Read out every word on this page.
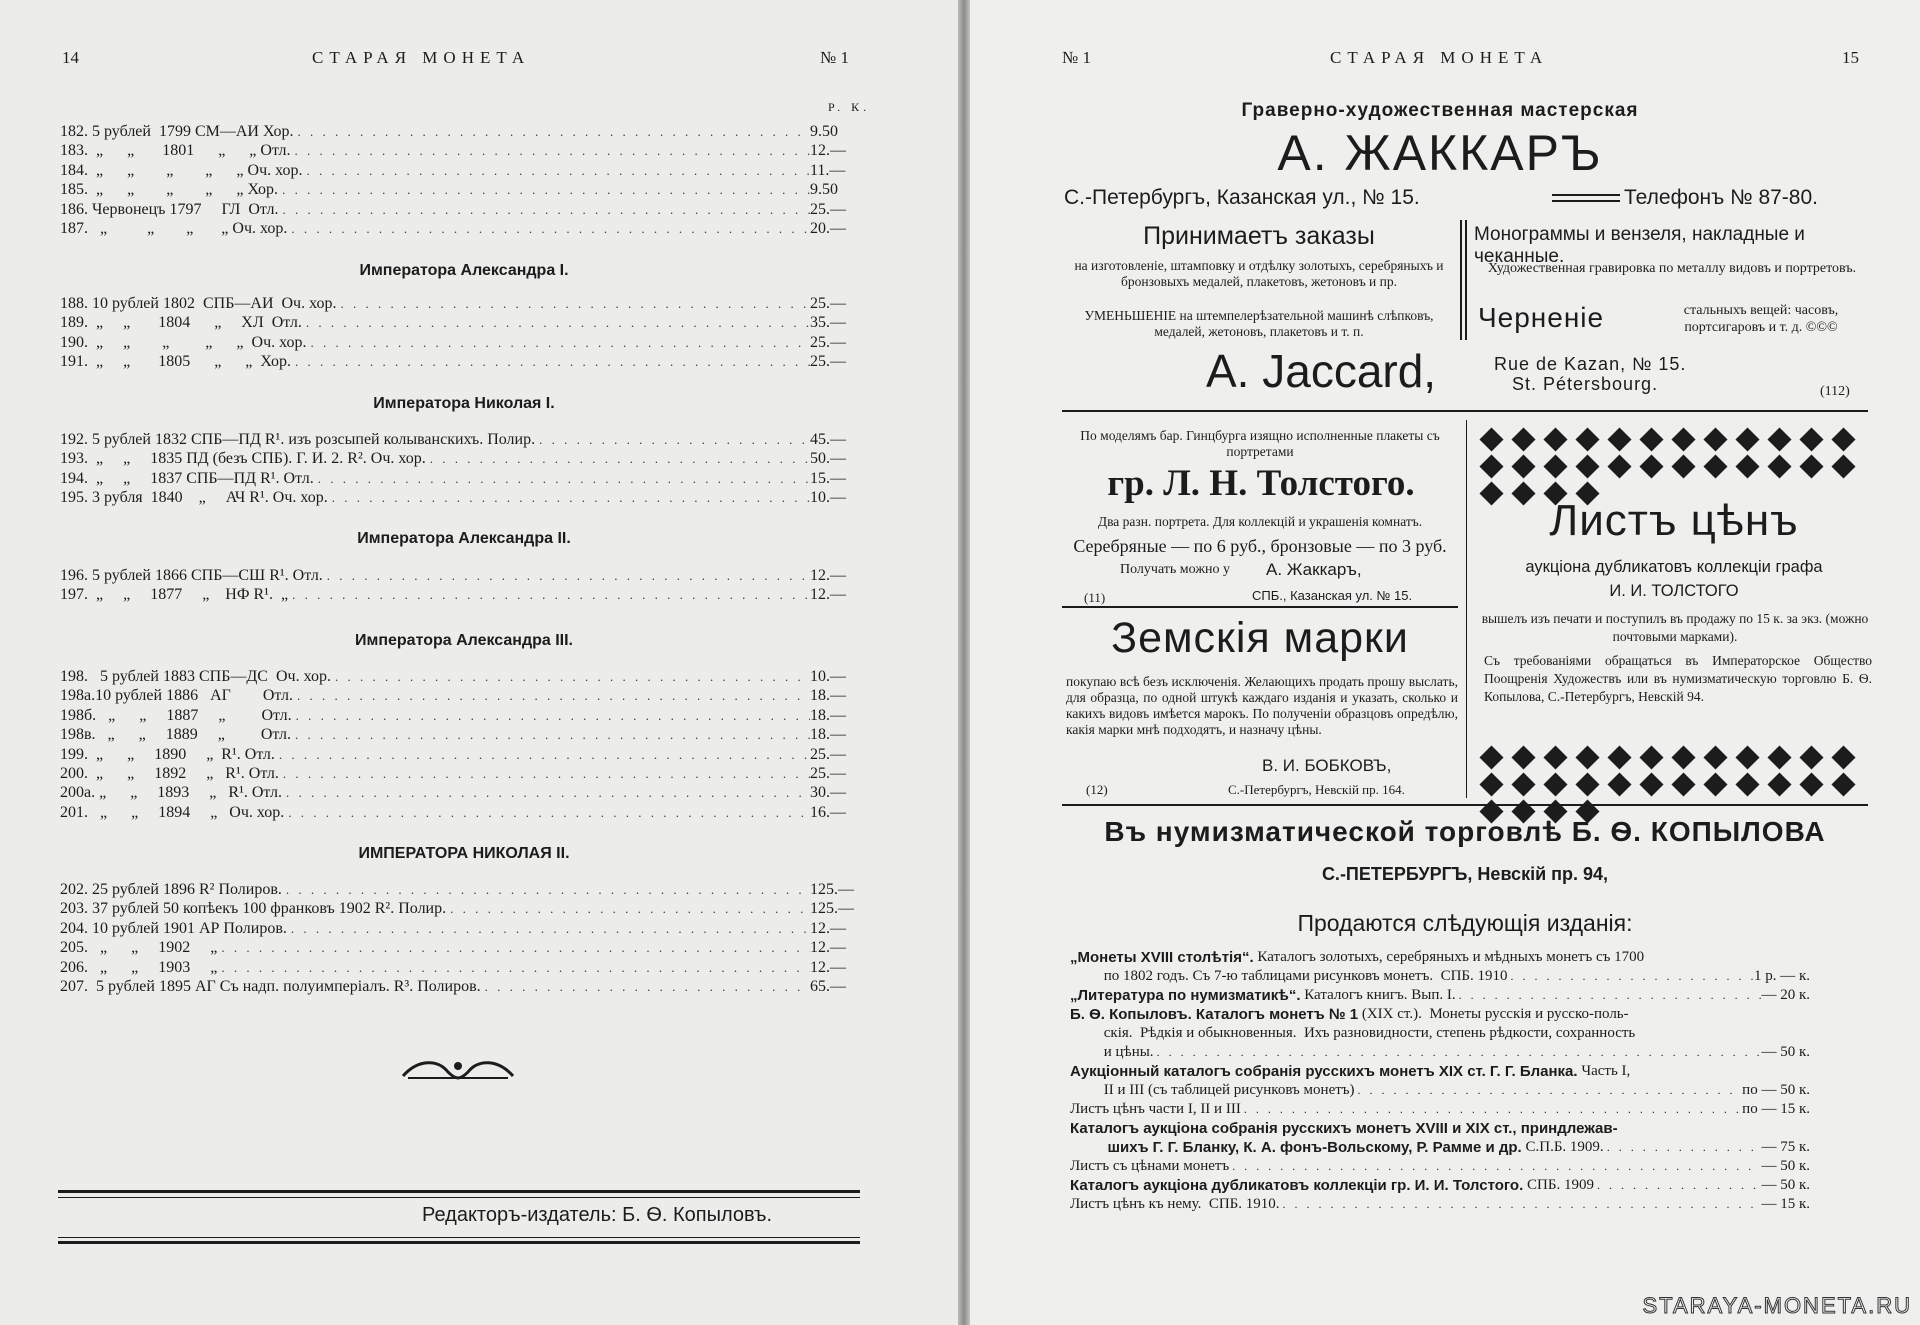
14	СТАРАЯ МОНЕТА	№ 1
Р. К.
182. 5 рублей  1799 СМ—АИ Хор. . . .	9.50
183.  „      „       1801      „      „ Отл. . . .	12.—
184.  „      „        „        „      „ Оч. хор. . . .	11.—
185.  „      „        „        „      „ Хор. . . .	9.50
186. Червонецъ 1797     ГЛ  Отл. . . .	25.—
187.   „          „        „       „ Оч. хор. . . .	20.—
Императора Александра I.
188. 10 рублей 1802  СПБ—АИ  Оч. хор. . . .	25.—
189.  „     „       1804      „     ХЛ  Отл. . . .	35.—
190.  „     „        „         „      „  Оч. хор. . . .	25.—
191.  „     „       1805      „      „  Хор. . . .	25.—
Императора Николая I.
192. 5 рублей 1832 СПБ—ПД R¹. изъ розсыпей колыванскихъ. Полир. . . .	45.—
193.  „     „     1835 ПД (безъ СПБ). Г. И. 2. R². Оч. хор. . . .	50.—
194.  „     „     1837 СПБ—ПД R¹. Отл. . . .	15.—
195. 3 рубля  1840    „     АЧ R¹. Оч. хор. . . .	10.—
Императора Александра II.
196. 5 рублей 1866 СПБ—СШ R¹. Отл. . . .	12.—
197.  „     „     1877     „    НФ R¹.  „ . . .	12.—
Императора Александра III.
198.   5 рублей 1883 СПБ—ДС  Оч. хор. . . .	10.—
198а.10 рублей 1886   АГ        Отл. . . .	18.—
198б.   „      „     1887     „         Отл. . . .	18.—
198в.   „      „     1889     „         Отл. . . .	18.—
199.  „      „     1890     „  R¹. Отл. . . .	25.—
200.  „      „     1892     „   R¹. Отл. . . .	25.—
200а. „      „     1893     „   R¹. Отл. . . .	30.—
201.   „      „     1894     „   Оч. хор. . . .	16.—
ИМПЕРАТОРА НИКОЛАЯ II.
202. 25 рублей 1896 R² Полиров. . . .	125.—
203. 37 рублей 50 копѣекъ 100 франковъ 1902 R². Полир. . . .	125.—
204. 10 рублей 1901 АР Полиров. . . .	12.—
205.   „      „     1902     „ . . .	12.—
206.   „      „     1903     „ . . .	12.—
207.  5 рублей 1895 АГ Съ надп. полуимперіалъ. R³. Полиров. . . .	65.—
Редакторъ-издатель: Б. Ѳ. Копыловъ.
№ 1	СТАРАЯ МОНЕТА	15
Граверно-художественная мастерская
А. ЖАККАРЪ
С.-Петербургъ, Казанская ул., № 15.	Телефонъ № 87-80.
Принимаетъ заказы
на изготовленіе, штамповку и отдѣлку золотыхъ, серебряныхъ и бронзовыхъ медалей, плакетовъ, жетоновъ и пр.
УМЕНЬШЕНІЕ на штемпелерѣзательной машинѣ слѣпковъ, медалей, жетоновъ, плакетовъ и т. п.
Монограммы и вензеля, накладные и чеканные.
Художественная гравировка по металлу видовъ и портретовъ.
Черненіе	стальныхъ вещей: часовъ, портсигаровъ и т. д. ©©©
A. Jaccard,	Rue de Kazan, № 15.
St. Pétersbourg.	(112)
По моделямъ бар. Гинцбурга изящно исполненные плакеты съ портретами
гр. Л. Н. Толстого.
Два разн. портрета. Для коллекцій и украшенія комнатъ.
Серебряные — по 6 руб., бронзовые — по 3 руб.
Получать можно у А. Жаккаръ,
(11)	СПБ., Казанская ул. № 15.
Земскія марки
покупаю всѣ безъ исключенія. Желающихъ продать прошу выслать, для образца, по одной штукѣ каждаго изданія и указать, сколько и какихъ видовъ имѣется марокъ. По полученіи образцовъ опредѣлю, какія марки мнѣ подходятъ, и назначу цѣны.
В. И. БОБКОВЪ,
(12)	С.-Петербургъ, Невскій пр. 164.
Листъ цѣнъ
аукціона дубликатовъ коллекціи графа
И. И. ТОЛСТОГО
вышелъ изъ печати и поступилъ въ продажу по 15 к. за экз. (можно почтовыми марками).
Съ требованіями обращаться въ Императорское Общество Поощренія Художествъ или въ нумизматическую торговлю Б. Ѳ. Копылова, С.-Петербургъ, Невскій 94.
Въ нумизматической торговлѣ Б. Ѳ. КОПЫЛОВА
С.-ПЕТЕРБУРГЪ, Невскій пр. 94,
Продаются слѣдующія изданія:
„Монеты XVIII столѣтія“. Каталогъ золотыхъ, серебряныхъ и мѣдныхъ монетъ съ 1700
по 1802 годъ. Съ 7-ю таблицами рисунковъ монетъ.  СПБ. 1910 . . .	1 р. — к.
„Литература по нумизматикѣ“. Каталогъ книгъ. Вып. I. . . .	— 20 к.
Б. Ѳ. Копыловъ. Каталогъ монетъ № 1 (XIX ст.).  Монеты русскія и русско-поль-
скія.  Рѣдкія и обыкновенныя.  Ихъ разновидности, степень рѣдкости, сохранность
и цѣны. . . .	— 50 к.
Аукціонный каталогъ собранія русскихъ монетъ XIX ст. Г. Г. Бланка. Часть I,
II и III (съ таблицей рисунковъ монетъ) . . .	по — 50 к.
Листъ цѣнъ части I, II и III . . .	по — 15 к.
Каталогъ аукціона собранія русскихъ монетъ XVIII и XIX ст., приндлежав-
шихъ Г. Г. Бланку, К. А. фонъ-Вольскому, Р. Рамме и др. С.П.Б. 1909. . . .	— 75 к.
Листъ съ цѣнами монетъ . . .	— 50 к.
Каталогъ аукціона дубликатовъ коллекціи гр. И. И. Толстого. СПБ. 1909 . . .	— 50 к.
Листъ цѣнъ къ нему.  СПБ. 1910. . . .	— 15 к.
STARAYA-MONETA.RU
